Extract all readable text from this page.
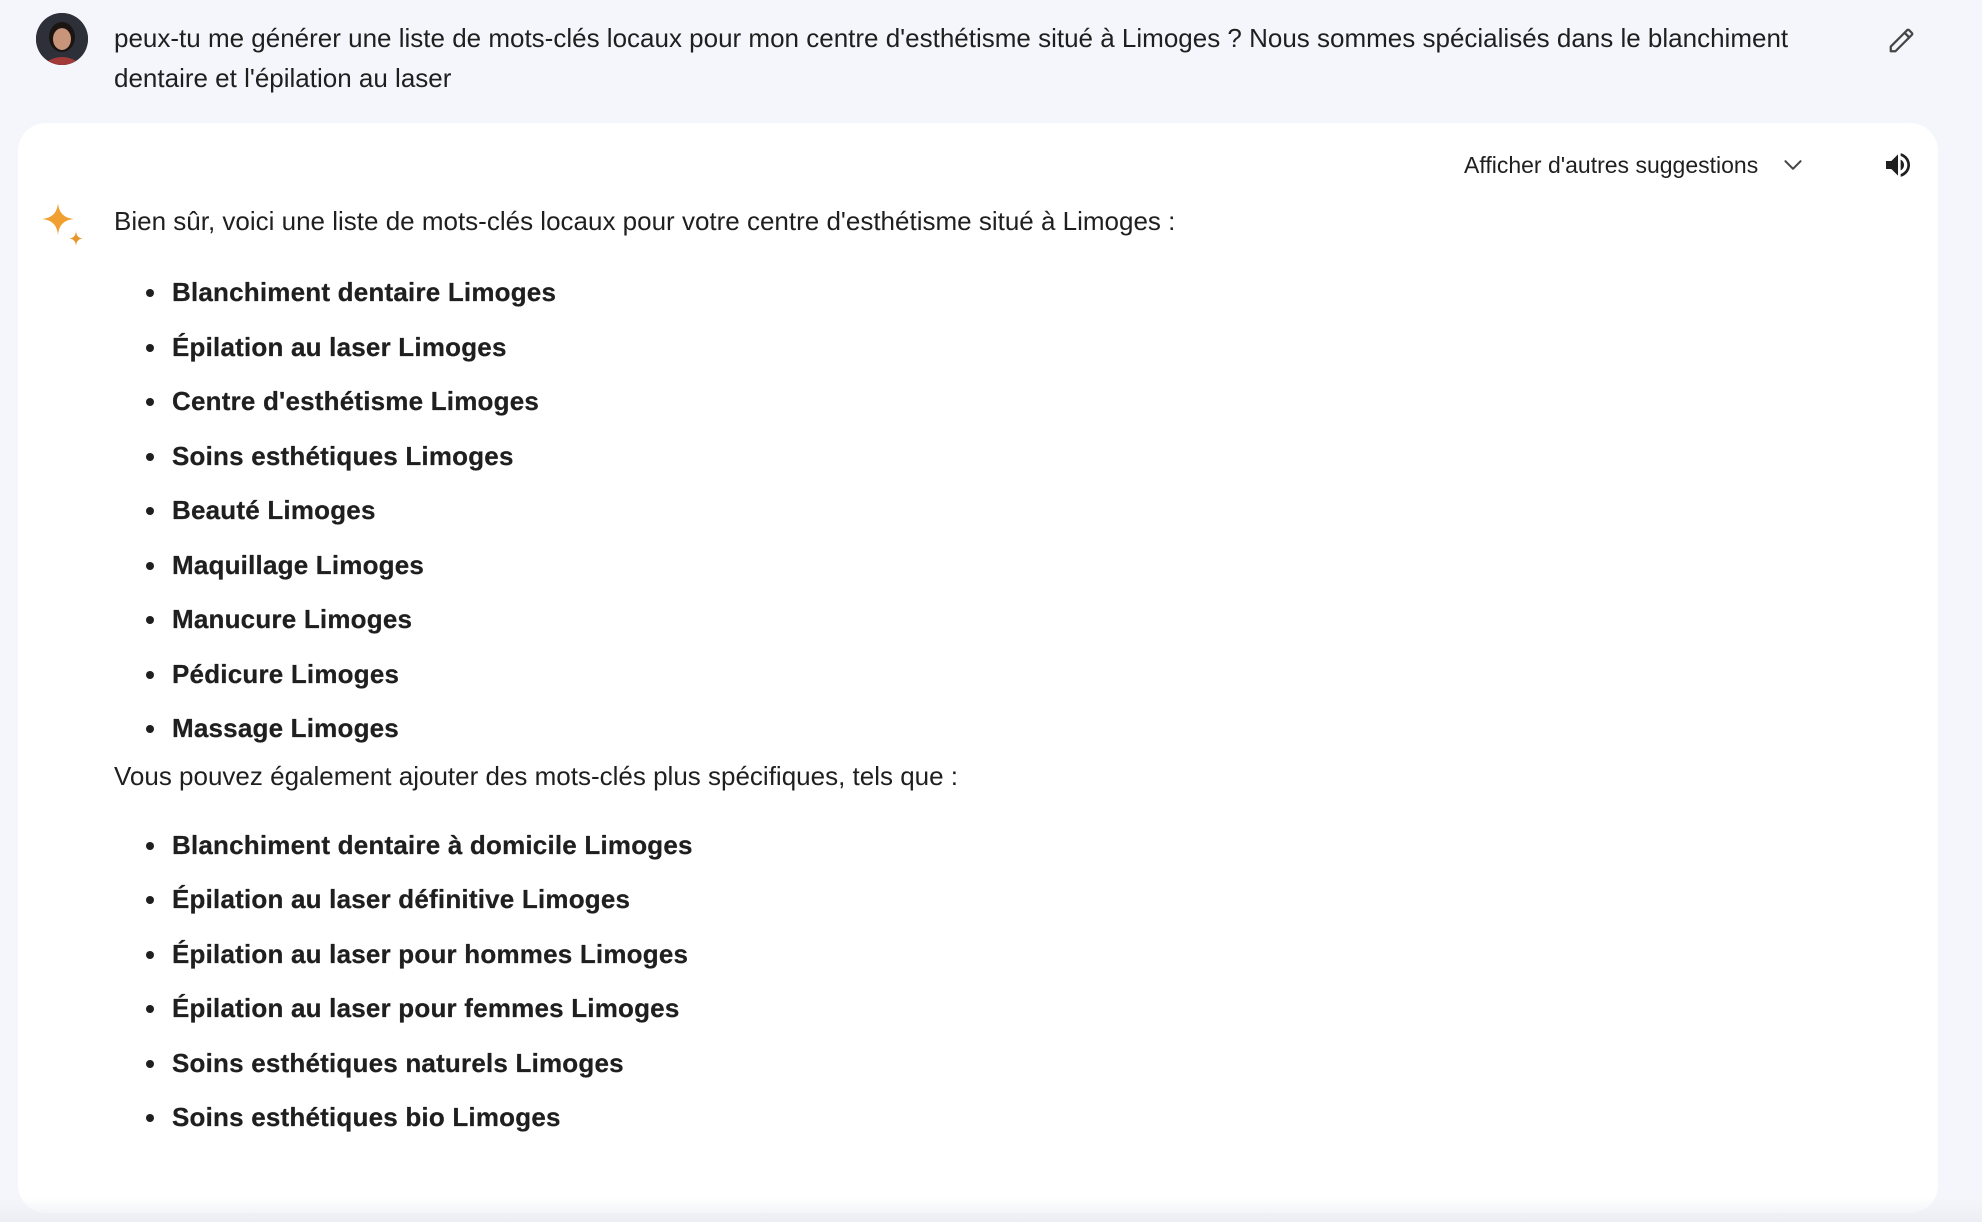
peux-tu me générer une liste de mots-clés locaux pour mon centre d'esthétisme situé à Limoges ? Nous sommes spécialisés dans le blanchiment dentaire et l'épilation au laser
Afficher d'autres suggestions

Bien sûr, voici une liste de mots-clés locaux pour votre centre d'esthétisme situé à Limoges :

Blanchiment dentaire Limoges
Épilation au laser Limoges
Centre d'esthétisme Limoges
Soins esthétiques Limoges
Beauté Limoges
Maquillage Limoges
Manucure Limoges
Pédicure Limoges
Massage Limoges

Vous pouvez également ajouter des mots-clés plus spécifiques, tels que :

Blanchiment dentaire à domicile Limoges
Épilation au laser définitive Limoges
Épilation au laser pour hommes Limoges
Épilation au laser pour femmes Limoges
Soins esthétiques naturels Limoges
Soins esthétiques bio Limoges
